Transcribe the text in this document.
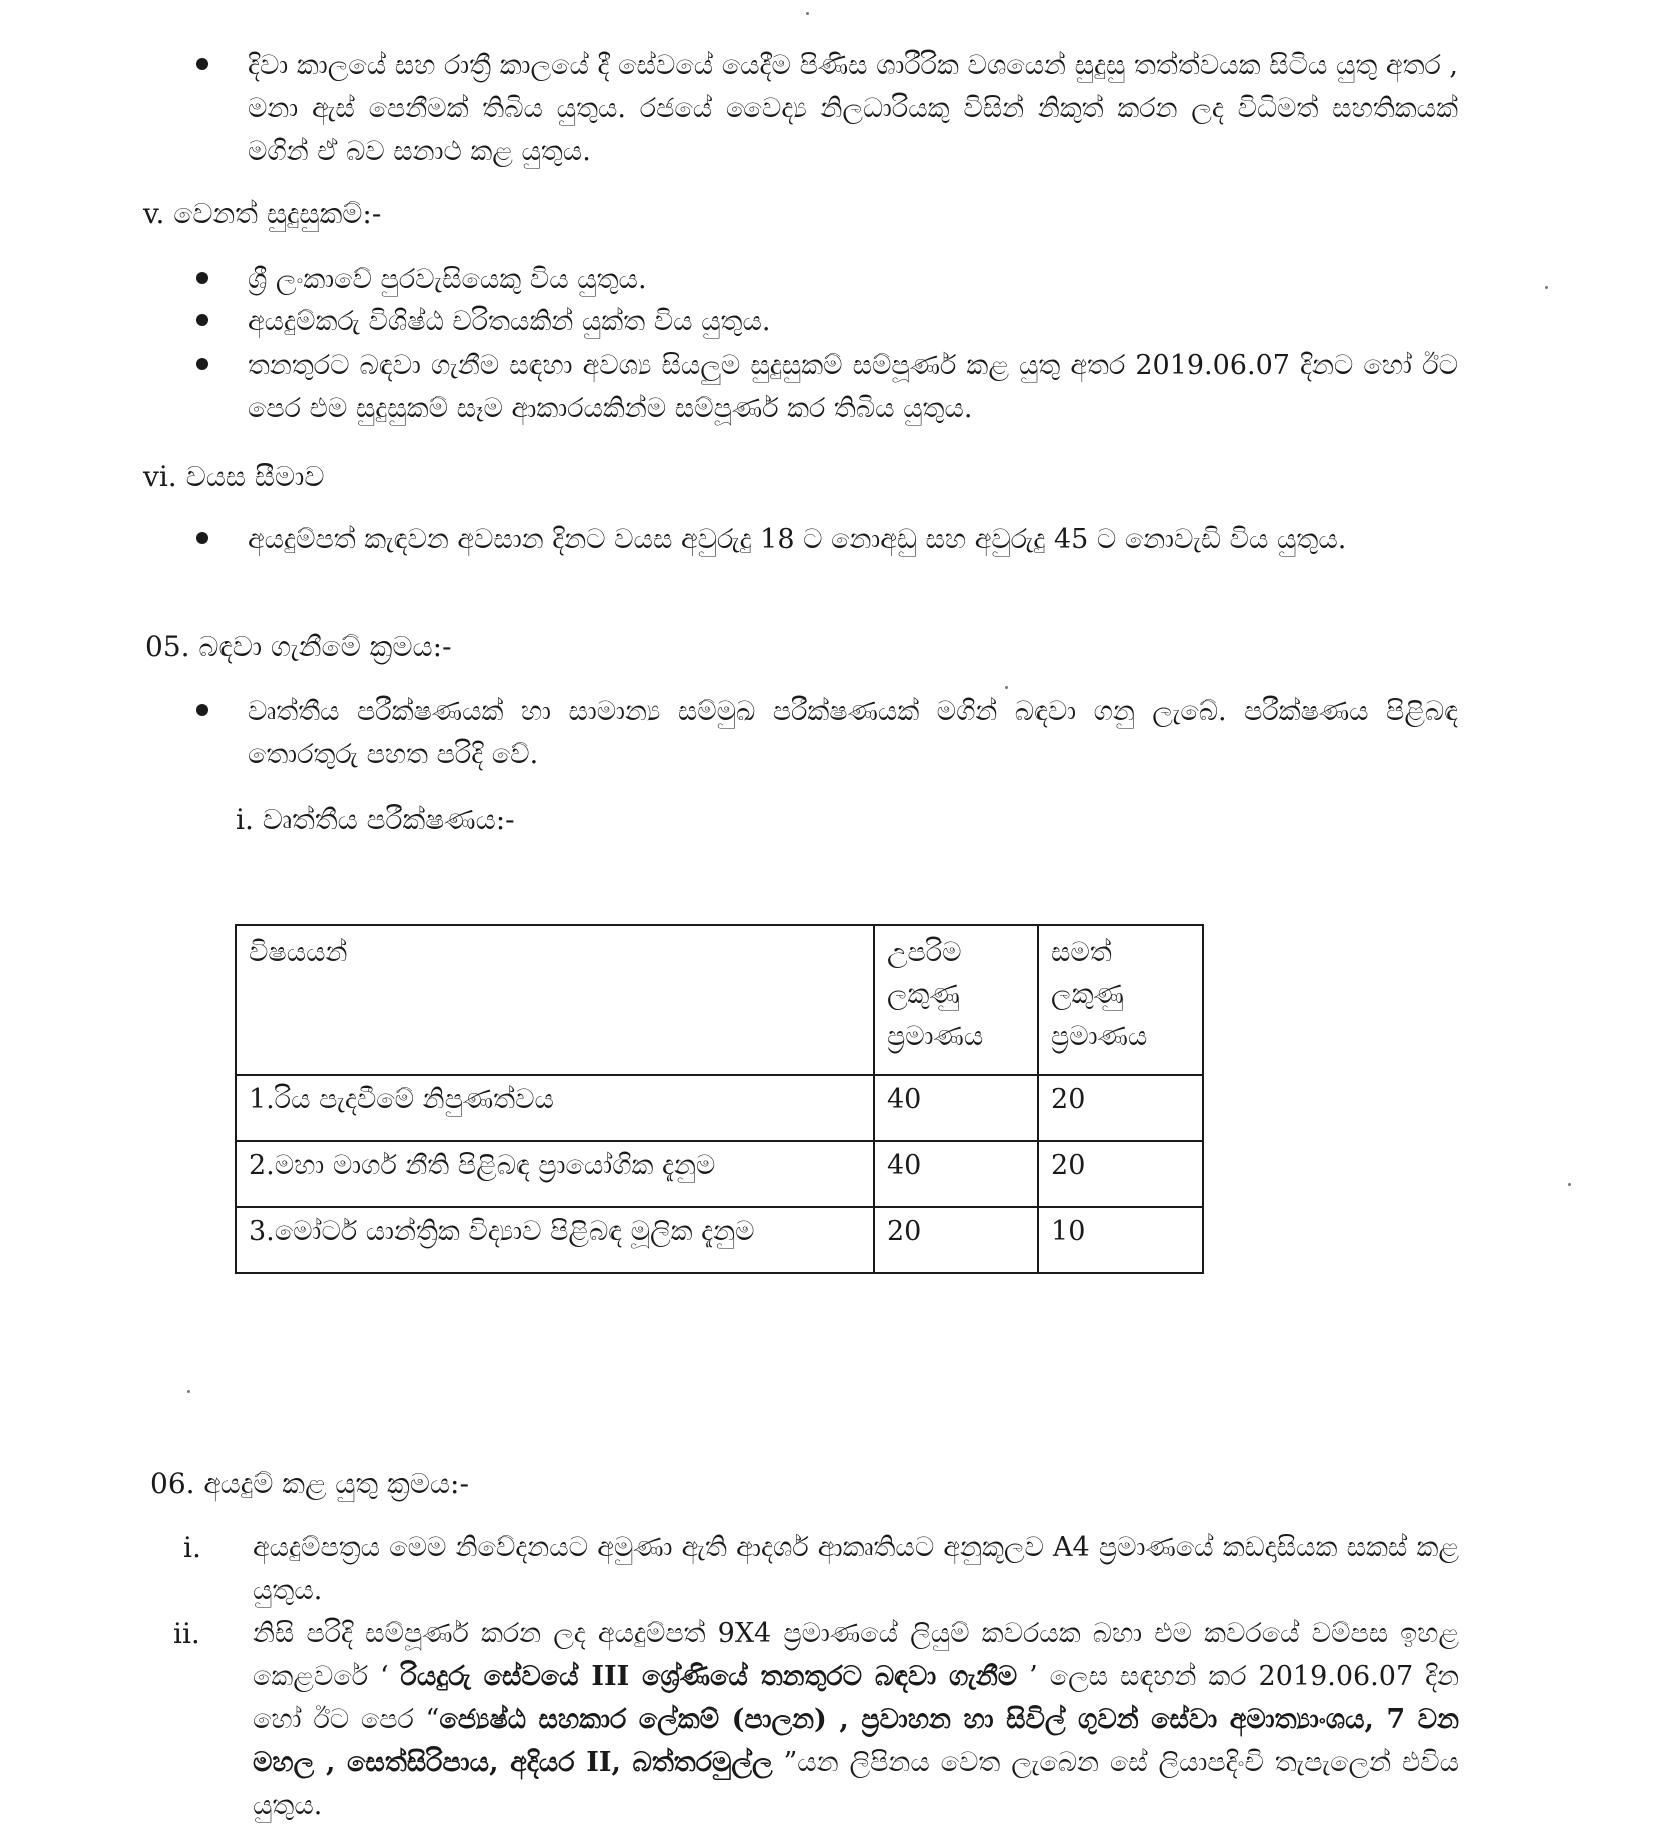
දිවා කාලයේ සහ රාත්‍රී කාලයේ දී සේවයේ යෙදීම පිණිස ශාරීරික වශයෙන් සුදුසු තත්ත්වයක සිටිය යුතු අතර , මනා ඇස් පෙනීමක් තිබිය යුතුය. රජයේ වෛද්‍ය නිලධාරියකු විසින් නිකුත් කරන ලද විධිමත් සහතිකයක් මගින් ඒ බව සනාථ කළ යුතුය.
v. වෙනත් සුදුසුකම්:-
ශ්‍රී ලංකාවේ පුරවැසියෙකු විය යුතුය.
අයදුම්කරු විශිෂ්ඨ චරිතයකින් යුක්ත විය යුතුය.
තනතුරට බඳවා ගැනීම සඳහා අවශ්‍ය සියලුම සුදුසුකම් සම්පූර්ණ කළ යුතු අතර 2019.06.07 දිනට හෝ ඊට පෙර එම සුදුසුකම් සෑම ආකාරයකින්ම සම්පූර්ණ කර තිබිය යුතුය.
vi. වයස සීමාව
අයදුම්පත් කැඳවන අවසාන දිනට වයස අවුරුදු 18 ට නොඅඩු සහ අවුරුදු 45 ට නොවැඩි විය යුතුය.
05. බඳවා ගැනීමේ ක්‍රමය:-
වෘත්තීය පරීක්ෂණයක් හා සාමාන්‍ය සම්මුඛ පරීක්ෂණයක් මගින් බඳවා ගනු ලැබේ. පරීක්ෂණය පිළිබඳ තොරතුරු පහත පරිදි වේ.
i. වෘත්තීය පරීක්ෂණය:-
විෂයයන්	උපරිම ලකුණු ප්‍රමාණය	සමත් ලකුණු ප්‍රමාණය
1.රිය පැදවීමේ නිපුණත්වය	40	20
2.මහා මාර්ග නීති පිළිබඳ ප්‍රායෝගික දැනුම	40	20
3.මෝටර් යාන්ත්‍රික විද්‍යාව පිළිබඳ මූලික දැනුම	20	10
06. අයදුම් කළ යුතු ක්‍රමය:-
i.	අයදුම්පත්‍රය මෙම නිවේදනයට අමුණා ඇති ආදර්ශ ආකෘතියට අනුකූලව A4 ප්‍රමාණයේ කඩදාසියක සකස් කළ යුතුය.
ii.	නිසි පරිදි සම්පූර්ණ කරන ලද අයදුම්පත් 9X4 ප්‍රමාණයේ ලියුම් කවරයක බහා එම කවරයේ වම්පස ඉහළ කෙළවරේ ‘ රියදුරු සේවයේ III ශ්‍රේණියේ තනතුරට බඳවා ගැනීම ’ ලෙස සඳහන් කර 2019.06.07 දින හෝ ඊට පෙර “ජ්‍යෙෂ්ඨ සහකාර ලේකම් (පාලන) , ප්‍රවාහන හා සිවිල් ගුවන් සේවා අමාත්‍යාංශය, 7 වන මහල , සෙත්සිරිපාය, අදියර II, බත්තරමුල්ල ”යන ලිපිනය වෙත ලැබෙන සේ ලියාපදිංචි තැපැලෙන් එවිය යුතුය.
